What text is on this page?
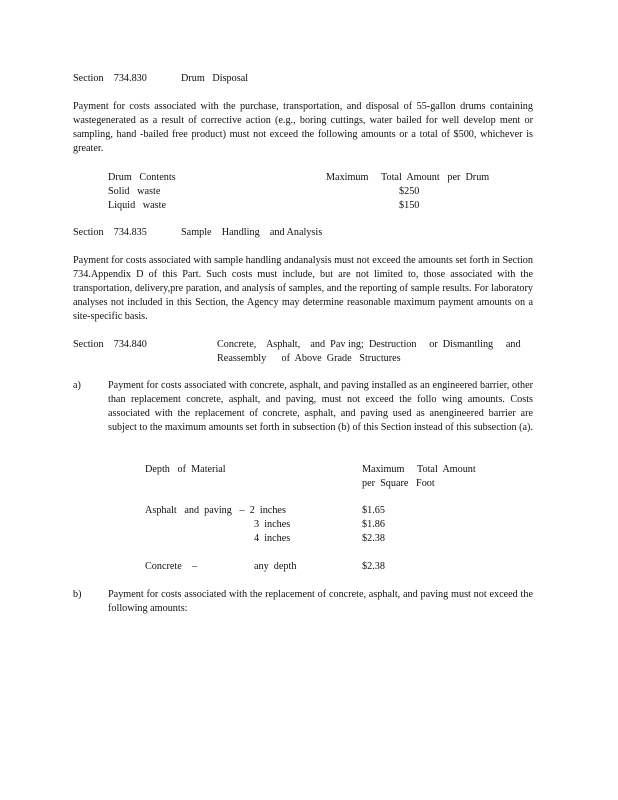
Section    734.830	Drum   Disposal
Payment for costs associated with the purchase, transportation, and disposal of 55-gallon drums containing wastegenerated as a result of corrective action (e.g., boring cuttings, water bailed for well develop ment or sampling, hand -bailed free product) must not exceed the following amounts or a total of $500, whichever is greater.
Drum   Contents	Maximum     Total  Amount   per  Drum
Solid   waste	$250
Liquid   waste	$150
Section    734.835	Sample    Handling    and Analysis
Payment for costs associated with sample handling andanalysis must not exceed the amounts set forth in Section 734.Appendix D of this Part. Such costs must include, but are not limited to, those associated with the transportation, delivery,pre paration, and analysis of samples, and the reporting of sample results. For laboratory analyses not included in this Section, the Agency may determine reasonable maximum payment amounts on a site-specific basis.
Section    734.840	Concrete,    Asphalt,    and  Pav ing;  Destruction     or  Dismantling     and
Reassembly      of  Above  Grade   Structures
a)	Payment for costs associated with concrete, asphalt, and paving installed as an engineered barrier, other than replacement concrete, asphalt, and paving, must not exceed the follo wing amounts. Costs associated with the replacement of concrete, asphalt, and paving used as anengineered barrier are subject to the maximum amounts set forth in subsection (b) of this Section instead of this subsection (a).
Depth   of  Material	Maximum     Total  Amount
per  Square   Foot
Asphalt   and  paving   –  2  inches	$1.65
3  inches	$1.86
4  inches	$2.38
Concrete    –	any  depth	$2.38
b)	Payment for costs associated with the replacement of concrete, asphalt, and paving must not exceed the following amounts:
